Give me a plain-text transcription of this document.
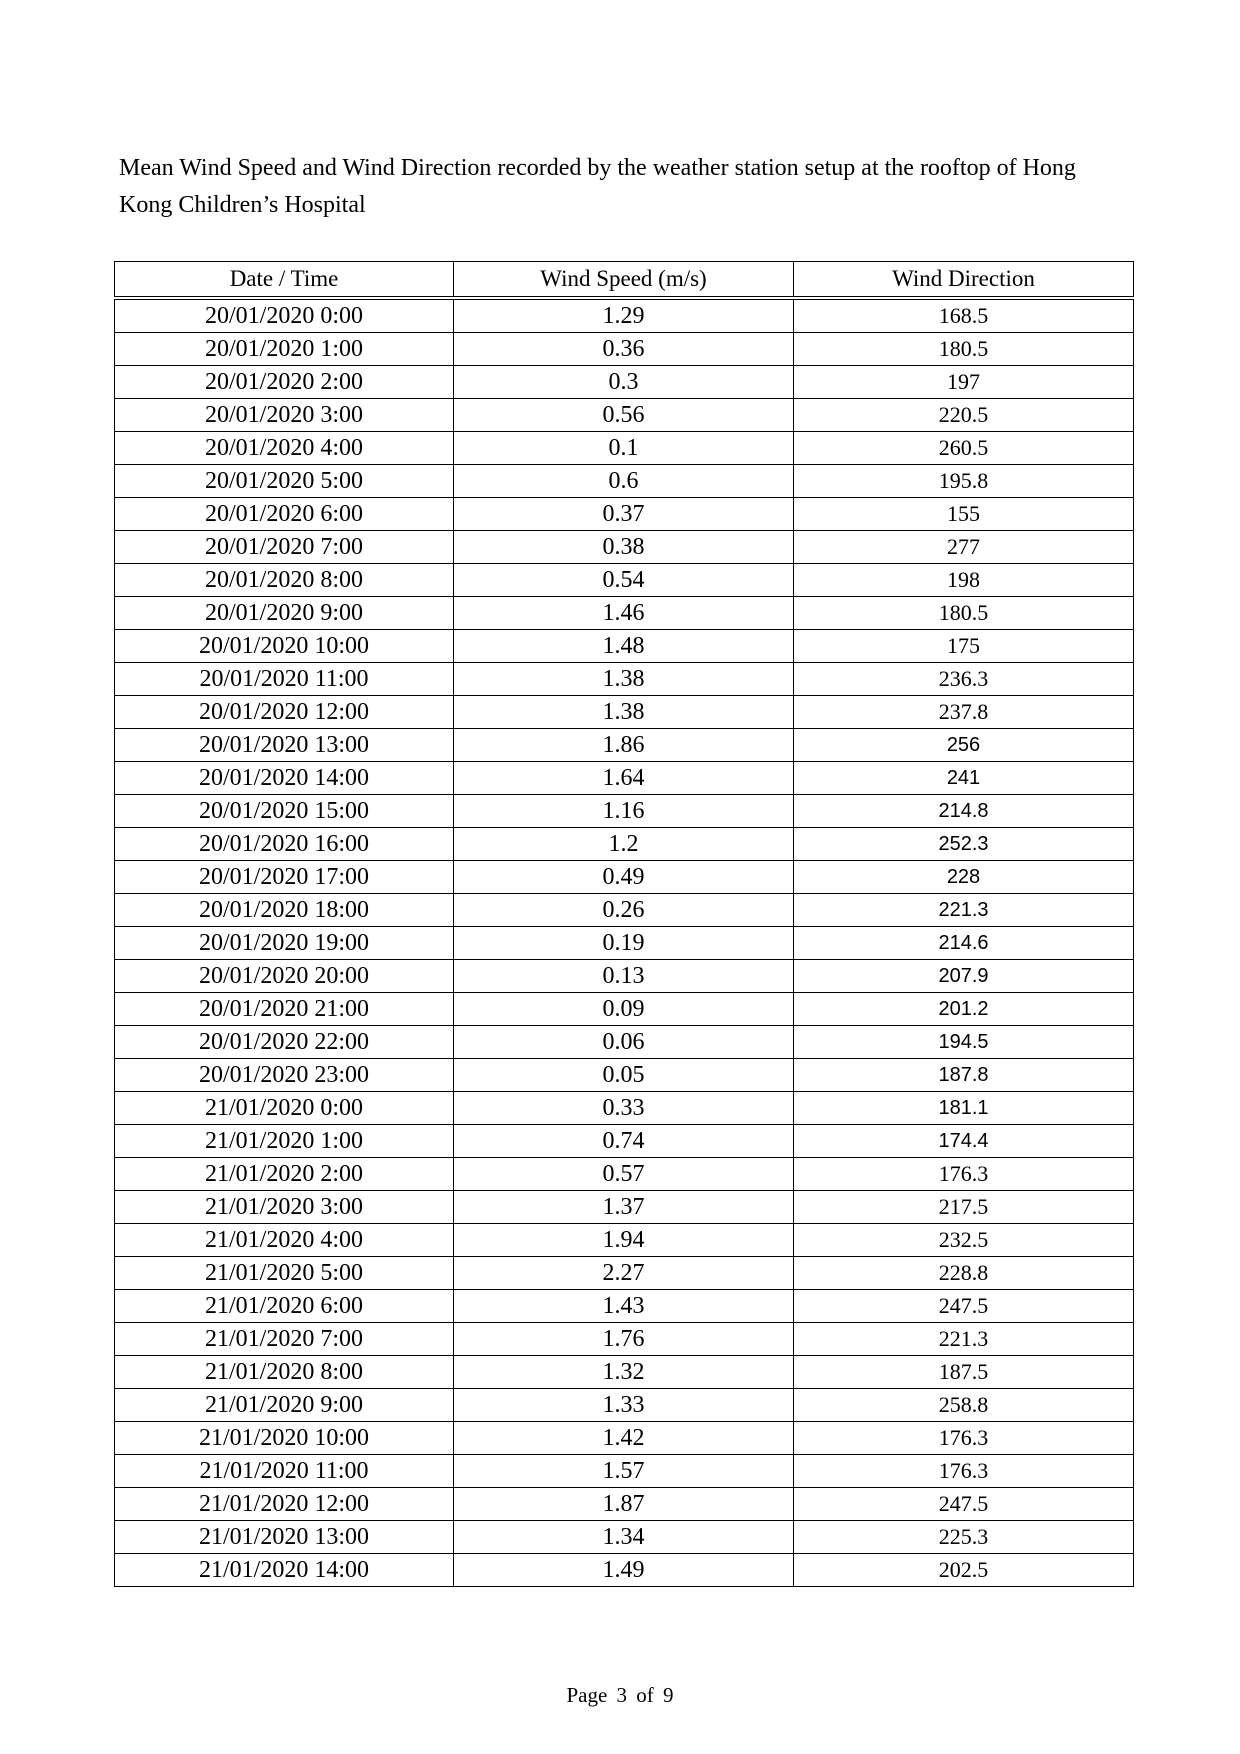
Mean Wind Speed and Wind Direction recorded by the weather station setup at the rooftop of Hong Kong Children’s Hospital

Date / Time	Wind Speed (m/s)	Wind Direction
20/01/2020 0:00	1.29	168.5
20/01/2020 1:00	0.36	180.5
20/01/2020 2:00	0.3	197
20/01/2020 3:00	0.56	220.5
20/01/2020 4:00	0.1	260.5
20/01/2020 5:00	0.6	195.8
20/01/2020 6:00	0.37	155
20/01/2020 7:00	0.38	277
20/01/2020 8:00	0.54	198
20/01/2020 9:00	1.46	180.5
20/01/2020 10:00	1.48	175
20/01/2020 11:00	1.38	236.3
20/01/2020 12:00	1.38	237.8
20/01/2020 13:00	1.86	256
20/01/2020 14:00	1.64	241
20/01/2020 15:00	1.16	214.8
20/01/2020 16:00	1.2	252.3
20/01/2020 17:00	0.49	228
20/01/2020 18:00	0.26	221.3
20/01/2020 19:00	0.19	214.6
20/01/2020 20:00	0.13	207.9
20/01/2020 21:00	0.09	201.2
20/01/2020 22:00	0.06	194.5
20/01/2020 23:00	0.05	187.8
21/01/2020 0:00	0.33	181.1
21/01/2020 1:00	0.74	174.4
21/01/2020 2:00	0.57	176.3
21/01/2020 3:00	1.37	217.5
21/01/2020 4:00	1.94	232.5
21/01/2020 5:00	2.27	228.8
21/01/2020 6:00	1.43	247.5
21/01/2020 7:00	1.76	221.3
21/01/2020 8:00	1.32	187.5
21/01/2020 9:00	1.33	258.8
21/01/2020 10:00	1.42	176.3
21/01/2020 11:00	1.57	176.3
21/01/2020 12:00	1.87	247.5
21/01/2020 13:00	1.34	225.3
21/01/2020 14:00	1.49	202.5
Page 3 of 9
